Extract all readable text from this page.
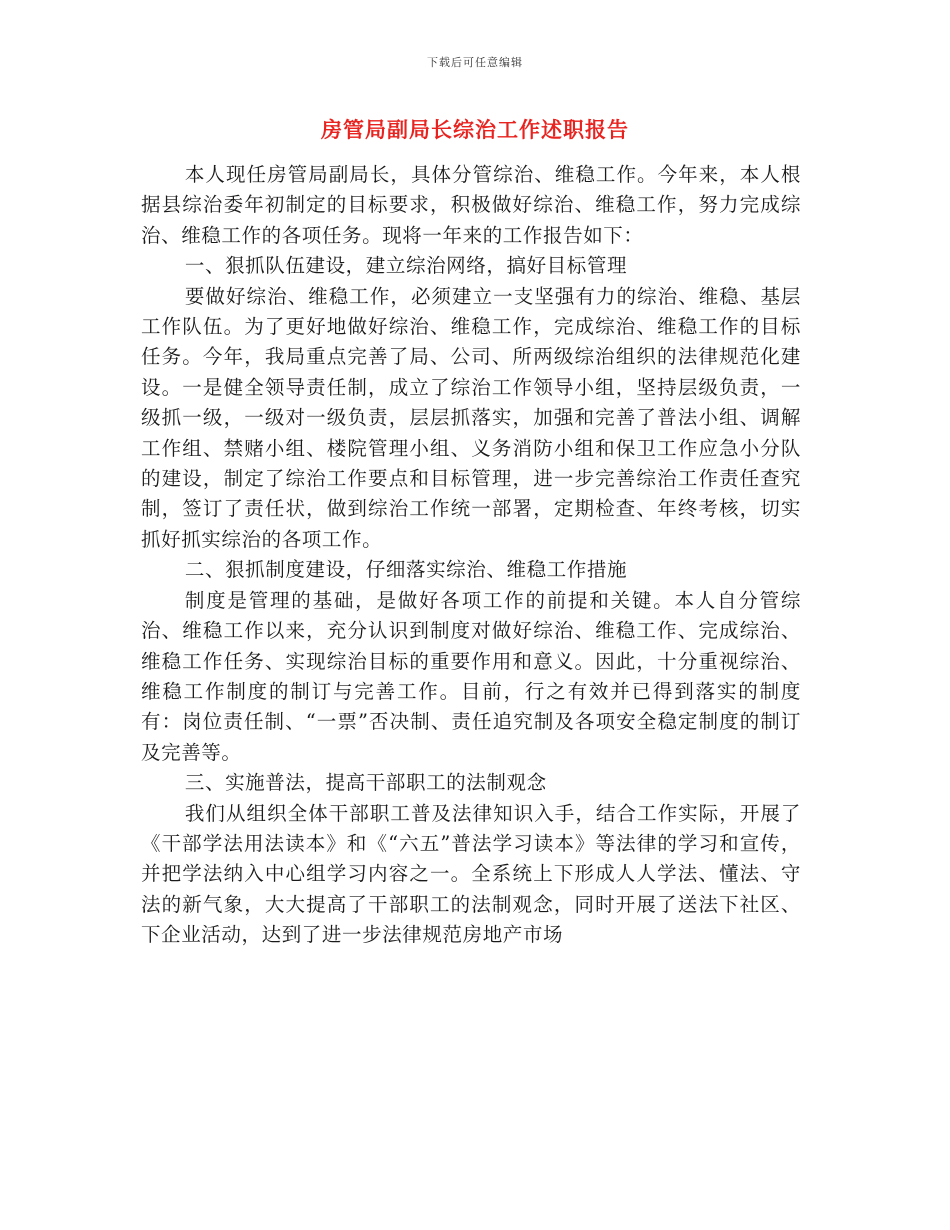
下载后可任意编辑
房管局副局长综治工作述职报告

本人现任房管局副局长，具体分管综治、维稳工作。今年来，本人根据县综治委年初制定的目标要求，积极做好综治、维稳工作，努力完成综治、维稳工作的各项任务。现将一年来的工作报告如下：

一、狠抓队伍建设，建立综治网络，搞好目标管理

要做好综治、维稳工作，必须建立一支坚强有力的综治、维稳、基层工作队伍。为了更好地做好综治、维稳工作，完成综治、维稳工作的目标任务。今年，我局重点完善了局、公司、所两级综治组织的法律规范化建设。一是健全领导责任制，成立了综治工作领导小组，坚持层级负责，一级抓一级，一级对一级负责，层层抓落实，加强和完善了普法小组、调解工作组、禁赌小组、楼院管理小组、义务消防小组和保卫工作应急小分队的建设，制定了综治工作要点和目标管理，进一步完善综治工作责任查究制，签订了责任状，做到综治工作统一部署，定期检查、年终考核，切实抓好抓实综治的各项工作。

二、狠抓制度建设，仔细落实综治、维稳工作措施

制度是管理的基础，是做好各项工作的前提和关键。本人自分管综治、维稳工作以来，充分认识到制度对做好综治、维稳工作、完成综治、维稳工作任务、实现综治目标的重要作用和意义。因此，十分重视综治、维稳工作制度的制订与完善工作。目前，行之有效并已得到落实的制度有：岗位责任制、“一票”否决制、责任追究制及各项安全稳定制度的制订及完善等。

三、实施普法，提高干部职工的法制观念

我们从组织全体干部职工普及法律知识入手，结合工作实际，开展了《干部学法用法读本》和《“六五”普法学习读本》等法律的学习和宣传，并把学法纳入中心组学习内容之一。全系统上下形成人人学法、懂法、守法的新气象，大大提高了干部职工的法制观念，同时开展了送法下社区、下企业活动，达到了进一步法律规范房地产市场
